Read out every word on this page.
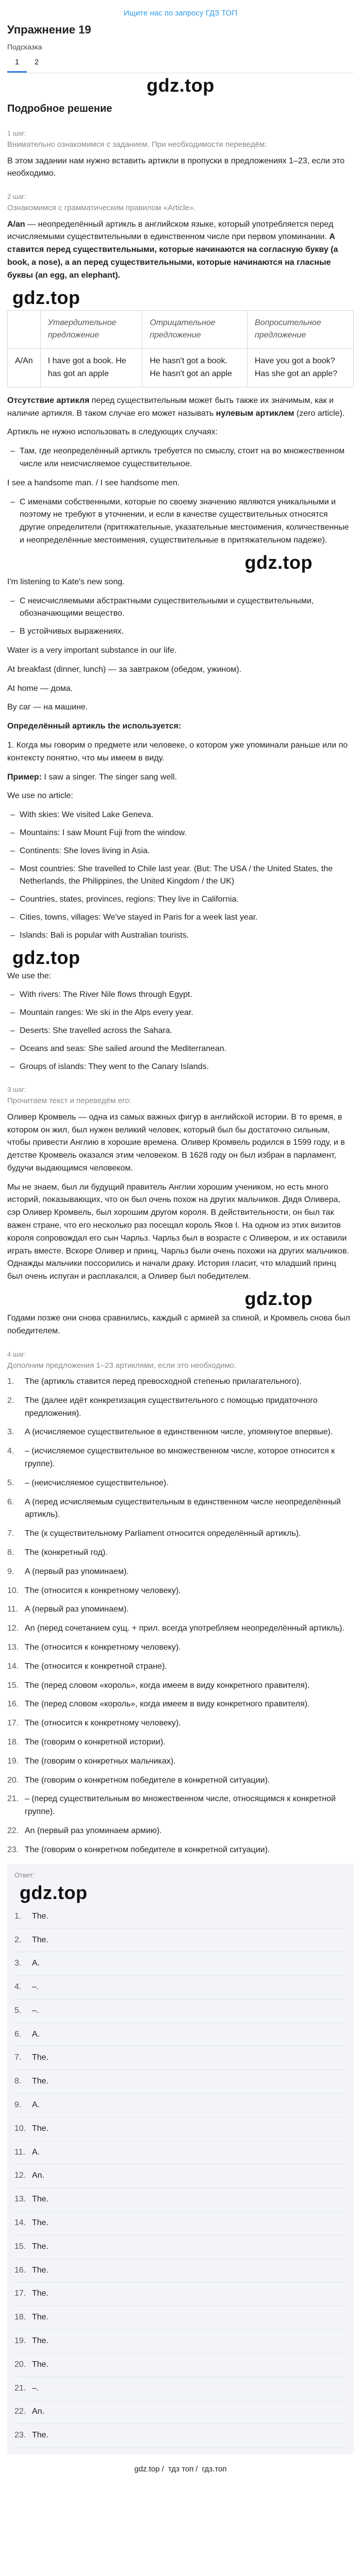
Ищите нас по запросу ГДЗ ТОП
Упражнение 19
Подсказка
1	2
gdz.top
Подробное решение
1 шаг:
Внимательно ознакомимся с заданием. При необходимости переведём:

В этом задании нам нужно вставить артикли в пропуски в предложениях 1–23, если это необходимо.

2 шаг:
Ознакомимся с грамматическим правилом «Article».

A/an — неопределённый артикль в английском языке, который употребляется перед исчисляемыми существительными в единственном числе при первом упоминании. A ставится перед существительными, которые начинаются на согласную букву (a book, a nose), а an перед существительными, которые начинаются на гласные буквы (an egg, an elephant).

gdz.top
	Утвердительное предложение	Отрицательное предложение	Вопросительное предложение
A/An	I have got a book. He has got an apple	He hasn't got a book. He hasn't got an apple	Have you got a book? Has she got an apple?

Отсутствие артикля перед существительным может быть также их значимым, как и наличие артикля. В таком случае его может называть нулевым артиклем (zero article).

Артикль не нужно использовать в следующих случаях:

– Там, где неопределённый артикль требуется по смыслу, стоит на во множественном числе или неисчисляемое существительное.

I see a handsome man. / I see handsome men.

– С именами собственными, которые по своему значению являются уникальными и поэтому не требуют в уточнении, и если в качестве существительных относятся другие определители (притяжательные, указательные местоимения, количественные и неопределённые местоимения, существительные в притяжательном падеже).
gdz.top

I'm listening to Kate's new song.

– С неисчисляемыми абстрактными существительными и существительными, обозначающими вещество.
– В устойчивых выражениях.

Water is a very important substance in our life.

At breakfast (dinner, lunch) — за завтраком (обедом, ужином).

At home — дома.

By car — на машине.

Определённый артикль the используется:

1. Когда мы говорим о предмете или человеке, о котором уже упоминали раньше или по контексту понятно, что мы имеем в виду.

Пример: I saw a singer. The singer sang well.

We use no article:

– With skies: We visited Lake Geneva.
– Mountains: I saw Mount Fuji from the window.
– Continents: She loves living in Asia.
– Most countries: She travelled to Chile last year. (But: The USA / the United States, the Netherlands, the Philippines, the United Kingdom / the UK)
– Countries, states, provinces, regions: They live in California.
– Cities, towns, villages: We've stayed in Paris for a week last year.
– Islands: Bali is popular with Australian tourists.
gdz.top

We use the:

– With rivers: The River Nile flows through Egypt.
– Mountain ranges: We ski in the Alps every year.
– Deserts: She travelled across the Sahara.
– Oceans and seas: She sailed around the Mediterranean.
– Groups of islands: They went to the Canary Islands.
3 шаг:
Прочитаем текст и переведём его:

Оливер Кромвель — одна из самых важных фигур в английской истории. В то время, в котором он жил, был нужен великий человек, который был бы достаточно сильным, чтобы привести Англию в хорошие времена. Оливер Кромвель родился в 1599 году, и в детстве Кромвель оказался этим человеком. В 1628 году он был избран в парламент, будучи выдающимся человеком.

Мы не знаем, был ли будущий правитель Англии хорошим учеником, но есть много историй, показывающих, что он был очень похож на других мальчиков. Дядя Оливера, сэр Оливер Кромвель, был хорошим другом короля. В действительности, он был так важен стране, что его несколько раз посещал король Яков I. На одном из этих визитов короля сопровождал его сын Чарльз. Чарльз был в возрасте с Оливером, и их оставили играть вместе. Вскоре Оливер и принц, Чарльз были очень похожи на других мальчиков. Однажды мальчики поссорились и начали драку. История гласит, что младший принц был очень испуган и расплакался, а Оливер был победителем.

gdz.top

Годами позже они снова сравнились, каждый с армией за спиной, и Кромвель снова был победителем.

4 шаг:
Дополним предложения 1–23 артиклями, если это необходимо.
1.	The (артикль ставится перед превосходной степенью прилагательного).
2.	The (далее идёт конкретизация существительного с помощью придаточного предложения).
3.	A (исчисляемое существительное в единственном числе, упомянутое впервые).
4.	– (исчисляемое существительное во множественном числе, которое относится к группе).
5.	– (неисчисляемое существительное).
6.	A (перед исчисляемым существительным в единственном числе неопределённый артикль).
7.	The (к существительному Parliament относится определённый артикль).
8.	The (конкретный год).
9.	A (первый раз упоминаем).
10. The (относится к конкретному человеку).
11. A (первый раз упоминаем).
12. An (перед сочетанием сущ. + прил. всегда употребляем неопределённый артикль).
13. The (относится к конкретному человеку).
14. The (относится к конкретной стране).
15. The (перед словом «король», когда имеем в виду конкретного правителя).
16. The (перед словом «король», когда имеем в виду конкретного правителя).
17. The (относится к конкретному человеку).
18. The (говорим о конкретной истории).
19. The (говорим о конкретных мальчиках).
20. The (говорим о конкретном победителе в конкретной ситуации).
21. – (перед существительным во множественном числе, относящимся к конкретной группе).
22. An (первый раз упоминаем армию).
23. The (говорим о конкретном победителе в конкретной ситуации).
Ответ:
gdz.top
1.	The.
2.	The.
3.	A.
4.	–.
5.	–.
6.	A.
7.	The.
8.	The.
9.	A.
10. The.
11. A.
12. An.
13. The.
14. The.
15. The.
16. The.
17. The.
18. The.
19. The.
20. The.
21. –.
22. An.
23. The.
gdz.top / тдз топ / гдз.топ
